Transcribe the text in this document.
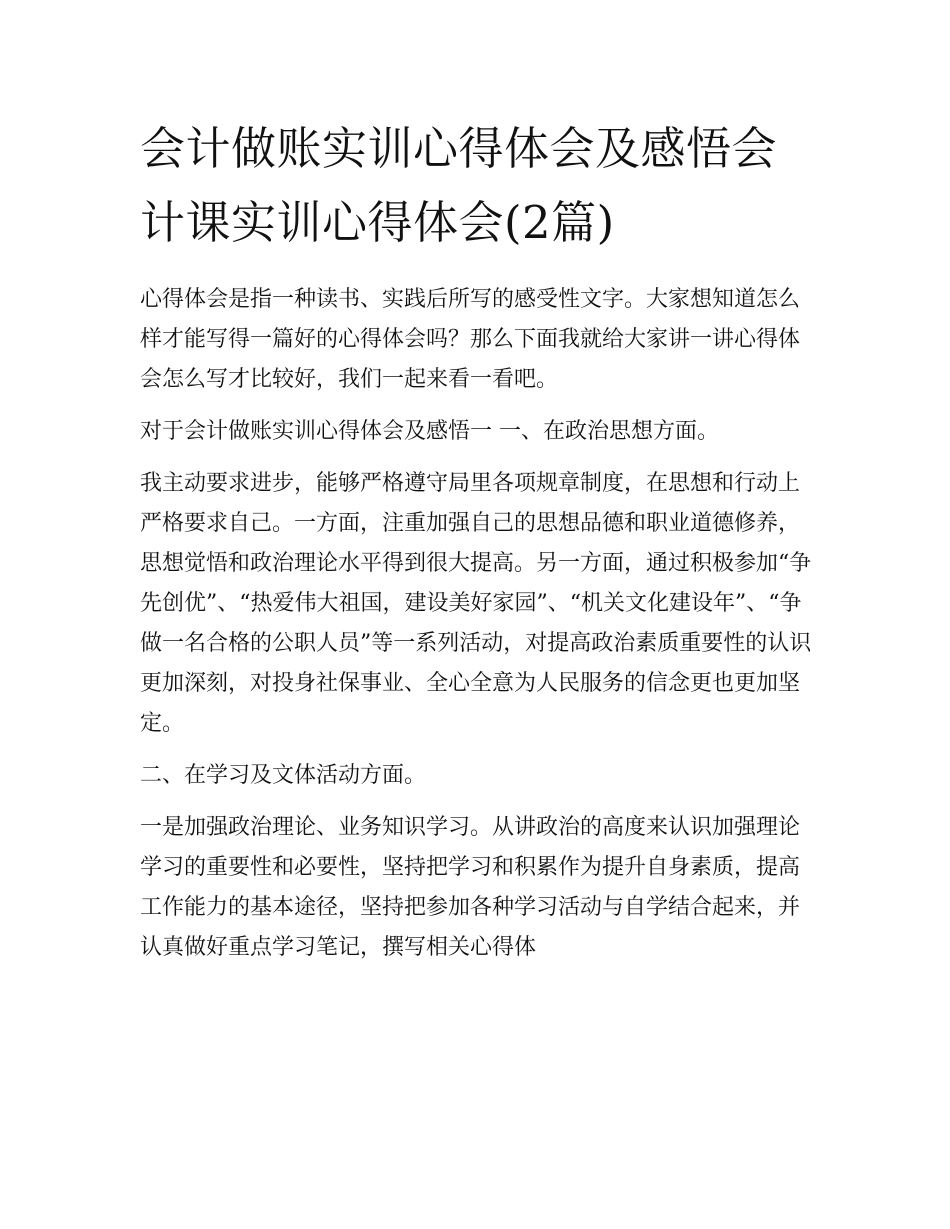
会计做账实训心得体会及感悟会计课实训心得体会(2篇)

心得体会是指一种读书、实践后所写的感受性文字。大家想知道怎么样才能写得一篇好的心得体会吗？那么下面我就给大家讲一讲心得体会怎么写才比较好，我们一起来看一看吧。

对于会计做账实训心得体会及感悟一 一、在政治思想方面。

我主动要求进步，能够严格遵守局里各项规章制度，在思想和行动上严格要求自己。一方面，注重加强自己的思想品德和职业道德修养，思想觉悟和政治理论水平得到很大提高。另一方面，通过积极参加“争先创优”、“热爱伟大祖国，建设美好家园”、“机关文化建设年”、“争做一名合格的公职人员”等一系列活动，对提高政治素质重要性的认识更加深刻，对投身社保事业、全心全意为人民服务的信念更也更加坚定。

二、在学习及文体活动方面。

一是加强政治理论、业务知识学习。从讲政治的高度来认识加强理论学习的重要性和必要性，坚持把学习和积累作为提升自身素质，提高工作能力的基本途径，坚持把参加各种学习活动与自学结合起来，并认真做好重点学习笔记，撰写相关心得体
